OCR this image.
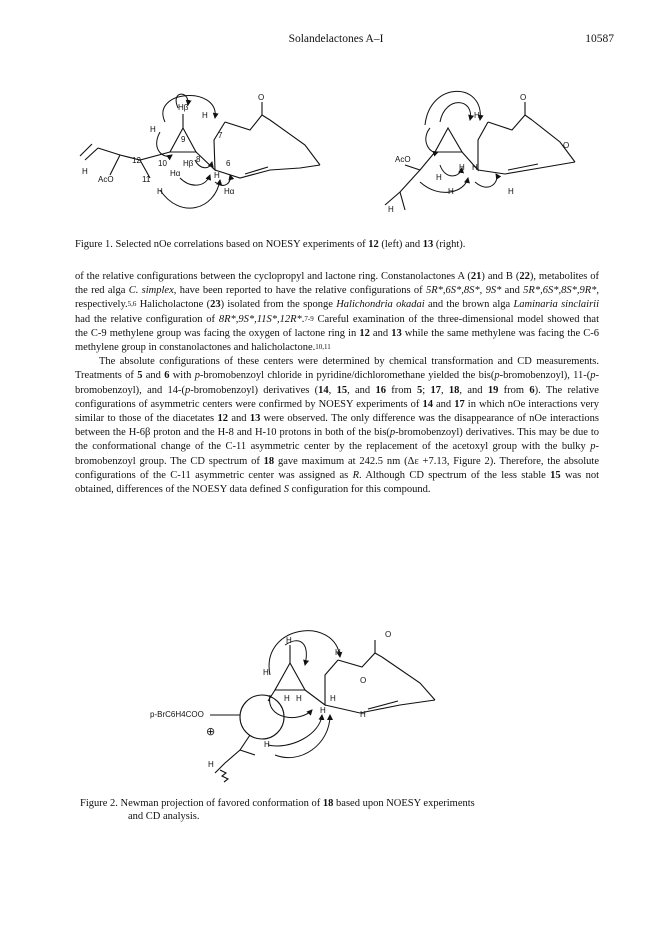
Solandelactones A–I	10587
Hβ
H
9
O
H
7
12 10 Hβ 8	6
H
AcO	11
Hα	H
H	Hα
O
H
O
AcO
H H
H
H	H
H
Figure 1. Selected nOe correlations based on NOESY experiments of 12 (left) and 13 (right).

of the relative configurations between the cyclopropyl and lactone ring. Constanolactones A (21) and B (22), metabolites of the red alga C. simplex, have been reported to have the relative configurations of 5R*,6S*,8S*, 9S* and 5R*,6S*,8S*,9R*, respectively.$^{5,6}$ Halicholactone (23) isolated from the sponge Halichondria okadai and the brown alga Laminaria sinclairii had the relative configuration of 8R*,9S*,11S*,12R*.$^{7-9}$ Careful examination of the three-dimensional model showed that the C-9 methylene group was facing the oxygen of lactone ring in 12 and 13 while the same methylene was facing the C-6 methylene group in constanolactones and halicholactone.$^{10,11}$

The absolute configurations of these centers were determined by chemical transformation and CD measurements. Treatments of 5 and 6 with p-bromobenzoyl chloride in pyridine/dichloromethane yielded the bis(p-bromobenzoyl), 11-(p-bromobenzoyl), and 14-(p-bromobenzoyl) derivatives (14, 15, and 16 from 5; 17, 18, and 19 from 6). The relative configurations of asymmetric centers were confirmed by NOESY experiments of 14 and 17 in which nOe interactions very similar to those of the diacetates 12 and 13 were observed. The only difference was the disappearance of nOe interactions between the H-6β proton and the H-8 and H-10 protons in both of the bis(p-bromobenzoyl) derivatives. This may be due to the conformational change of the C-11 asymmetric center by the replacement of the acetoxyl group with the bulky p-bromobenzoyl group. The CD spectrum of 18 gave maximum at 242.5 nm (Δε +7.13, Figure 2). Therefore, the absolute configurations of the C-11 asymmetric center was assigned as R. Although CD spectrum of the less stable 15 was not obtained, differences of the NOESY data defined S configuration for this compound.

O
H
H
H
O
H H	H
H	H
H
⊕
H
p-BrC6H4COO
Figure 2. Newman projection of favored conformation of 18 based upon NOESY experiments
and CD analysis.
